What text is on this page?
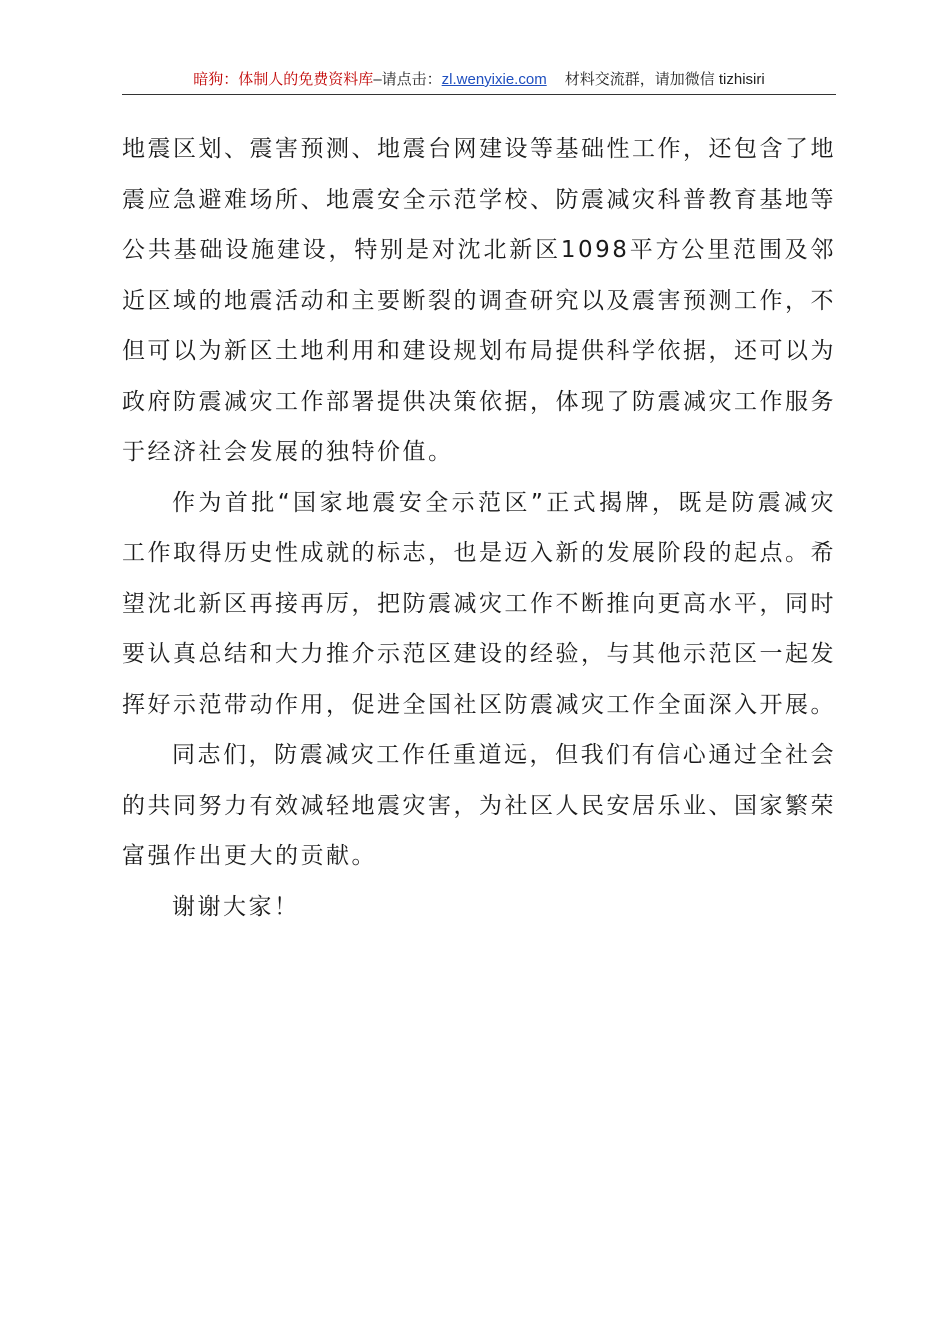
暗狗：体制人的免费资料库–请点击：zl.wenyixie.com 材料交流群，请加微信 tizhisiri

地震区划、震害预测、地震台网建设等基础性工作，还包含了地震应急避难场所、地震安全示范学校、防震减灾科普教育基地等公共基础设施建设，特别是对沈北新区1098平方公里范围及邻近区域的地震活动和主要断裂的调查研究以及震害预测工作，不但可以为新区土地利用和建设规划布局提供科学依据，还可以为政府防震减灾工作部署提供决策依据，体现了防震减灾工作服务于经济社会发展的独特价值。

作为首批“国家地震安全示范区”正式揭牌，既是防震减灾工作取得历史性成就的标志，也是迈入新的发展阶段的起点。希望沈北新区再接再厉，把防震减灾工作不断推向更高水平，同时要认真总结和大力推介示范区建设的经验，与其他示范区一起发挥好示范带动作用，促进全国社区防震减灾工作全面深入开展。

同志们，防震减灾工作任重道远，但我们有信心通过全社会的共同努力有效减轻地震灾害，为社区人民安居乐业、国家繁荣富强作出更大的贡献。

谢谢大家！
